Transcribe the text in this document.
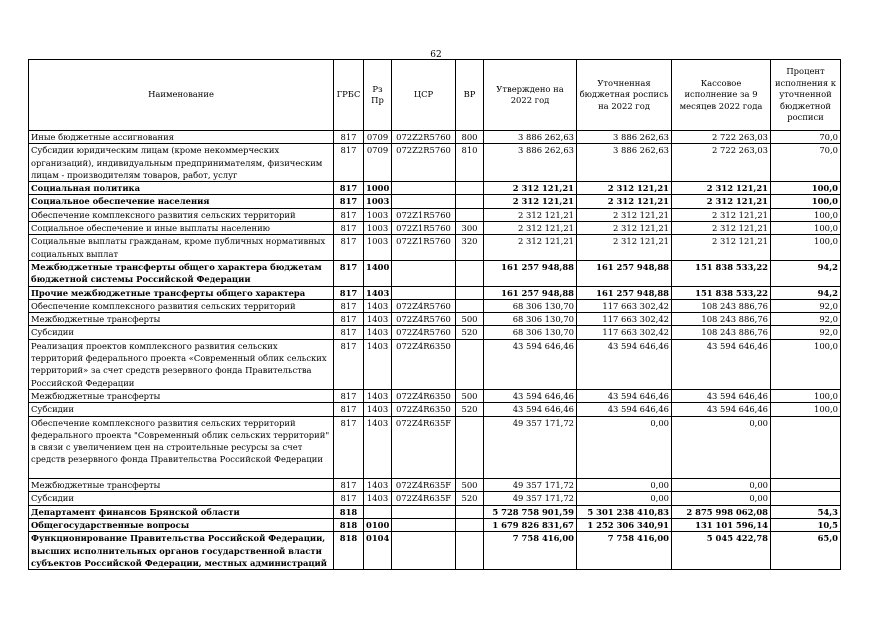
62
Наименование	ГРБС	Рз Пр	ЦСР	ВР	Утверждено на 2022 год	Уточненная бюджетная роспись на 2022 год	Кассовое исполнение за 9 месяцев 2022 года	Процент исполнения к уточненной бюджетной росписи
Иные бюджетные ассигнования	817	0709	072Z2R5760	800	3 886 262,63	3 886 262,63	2 722 263,03	70,0
Субсидии юридическим лицам (кроме некоммерческих организаций), индивидуальным предпринимателям, физическим лицам - производителям товаров, работ, услуг	817	0709	072Z2R5760	810	3 886 262,63	3 886 262,63	2 722 263,03	70,0
Социальная политика	817	1000			2 312 121,21	2 312 121,21	2 312 121,21	100,0
Социальное обеспечение населения	817	1003			2 312 121,21	2 312 121,21	2 312 121,21	100,0
Обеспечение комплексного развития сельских территорий	817	1003	072Z1R5760		2 312 121,21	2 312 121,21	2 312 121,21	100,0
Социальное обеспечение и иные выплаты населению	817	1003	072Z1R5760	300	2 312 121,21	2 312 121,21	2 312 121,21	100,0
Социальные выплаты гражданам, кроме публичных нормативных социальных выплат	817	1003	072Z1R5760	320	2 312 121,21	2 312 121,21	2 312 121,21	100,0
Межбюджетные трансферты общего характера бюджетам бюджетной системы Российской Федерации	817	1400			161 257 948,88	161 257 948,88	151 838 533,22	94,2
Прочие межбюджетные трансферты общего характера	817	1403			161 257 948,88	161 257 948,88	151 838 533,22	94,2
Обеспечение комплексного развития сельских территорий	817	1403	072Z4R5760		68 306 130,70	117 663 302,42	108 243 886,76	92,0
Межбюджетные трансферты	817	1403	072Z4R5760	500	68 306 130,70	117 663 302,42	108 243 886,76	92,0
Субсидии	817	1403	072Z4R5760	520	68 306 130,70	117 663 302,42	108 243 886,76	92,0
Реализация проектов комплексного развития сельских территорий федерального проекта «Современный облик сельских территорий» за счет средств резервного фонда Правительства Российской Федерации	817	1403	072Z4R6350		43 594 646,46	43 594 646,46	43 594 646,46	100,0
Межбюджетные трансферты	817	1403	072Z4R6350	500	43 594 646,46	43 594 646,46	43 594 646,46	100,0
Субсидии	817	1403	072Z4R6350	520	43 594 646,46	43 594 646,46	43 594 646,46	100,0
Обеспечение комплексного развития сельских территорий федерального проекта "Современный облик сельских территорий" в связи с увеличением цен на строительные ресурсы за счет средств резервного фонда Правительства Российской Федерации	817	1403	072Z4R635F		49 357 171,72	0,00	0,00	
Межбюджетные трансферты	817	1403	072Z4R635F	500	49 357 171,72	0,00	0,00	
Субсидии	817	1403	072Z4R635F	520	49 357 171,72	0,00	0,00	
Департамент финансов Брянской области	818				5 728 758 901,59	5 301 238 410,83	2 875 998 062,08	54,3
Общегосударственные вопросы	818	0100			1 679 826 831,67	1 252 306 340,91	131 101 596,14	10,5
Функционирование Правительства Российской Федерации, высших исполнительных органов государственной власти субъектов Российской Федерации, местных администраций	818	0104			7 758 416,00	7 758 416,00	5 045 422,78	65,0
